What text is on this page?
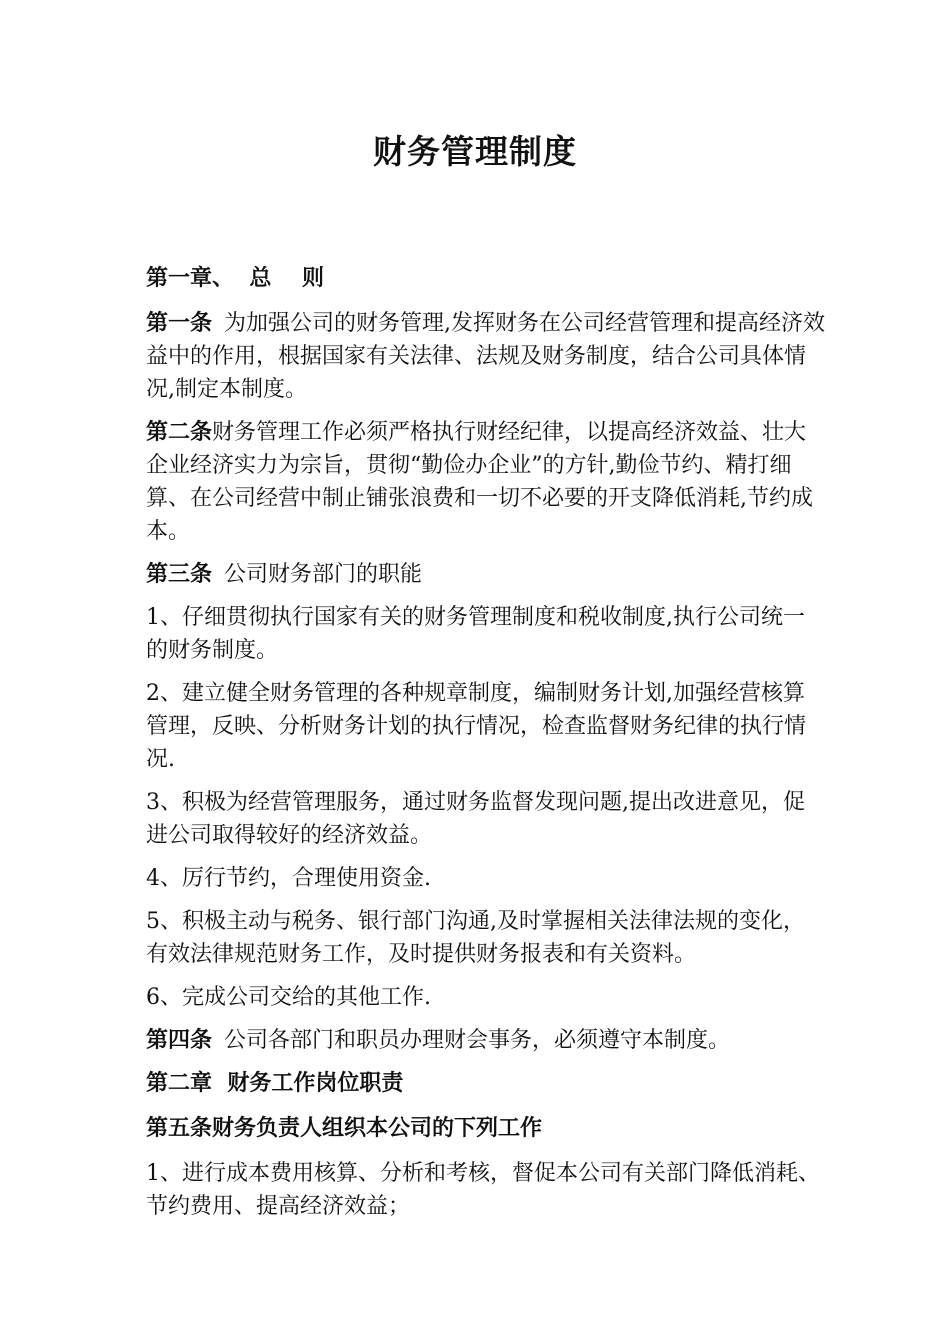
财务管理制度

第一章、  总    则

第一条 为加强公司的财务管理,发挥财务在公司经营管理和提高经济效益中的作用，根据国家有关法律、法规及财务制度，结合公司具体情况,制定本制度。

第二条财务管理工作必须严格执行财经纪律，以提高经济效益、壮大企业经济实力为宗旨，贯彻“勤俭办企业”的方针,勤俭节约、精打细算、在公司经营中制止铺张浪费和一切不必要的开支降低消耗,节约成本。

第三条 公司财务部门的职能

1、仔细贯彻执行国家有关的财务管理制度和税收制度,执行公司统一的财务制度。

2、建立健全财务管理的各种规章制度，编制财务计划,加强经营核算管理，反映、分析财务计划的执行情况，检查监督财务纪律的执行情况.

3、积极为经营管理服务，通过财务监督发现问题,提出改进意见，促进公司取得较好的经济效益。

4、厉行节约，合理使用资金.

5、积极主动与税务、银行部门沟通,及时掌握相关法律法规的变化，有效法律规范财务工作，及时提供财务报表和有关资料。

6、完成公司交给的其他工作.

第四条 公司各部门和职员办理财会事务，必须遵守本制度。

第二章  财务工作岗位职责

第五条财务负责人组织本公司的下列工作

1、进行成本费用核算、分析和考核，督促本公司有关部门降低消耗、节约费用、提高经济效益；
